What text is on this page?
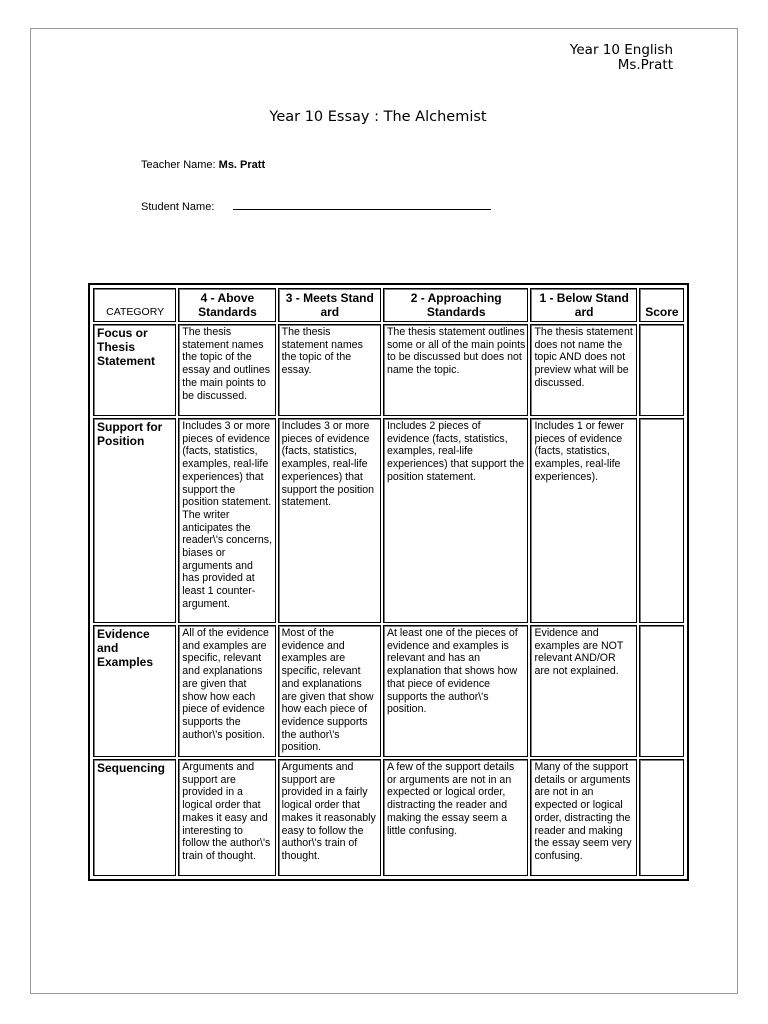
Year 10 English
Ms.Pratt
Year 10 Essay : The Alchemist
Teacher Name: Ms. Pratt
Student Name:
CATEGORY	4 - Above Standards	3 - Meets Stand ard	2 - Approaching Standards	1 - Below Stand ard	Score
Focus or Thesis Statement	The thesis statement names the topic of the essay and outlines the main points to be discussed.	The thesis statement names the topic of the essay.	The thesis statement outlines some or all of the main points to be discussed but does not name the topic.	The thesis statement does not name the topic AND does not preview what will be discussed.	
Support for Position	Includes 3 or more pieces of evidence (facts, statistics, examples, real-life experiences) that support the position statement. The writer anticipates the reader\'s concerns, biases or arguments and has provided at least 1 counter-argument.	Includes 3 or more pieces of evidence (facts, statistics, examples, real-life experiences) that support the position statement.	Includes 2 pieces of evidence (facts, statistics, examples, real-life experiences) that support the position statement.	Includes 1 or fewer pieces of evidence (facts, statistics, examples, real-life experiences).	
Evidence and Examples	All of the evidence and examples are specific, relevant and explanations are given that show how each piece of evidence supports the author\'s position.	Most of the evidence and examples are specific, relevant and explanations are given that show how each piece of evidence supports the author\'s position.	At least one of the pieces of evidence and examples is relevant and has an explanation that shows how that piece of evidence supports the author\'s position.	Evidence and examples are NOT relevant AND/OR are not explained.	
Sequencing	Arguments and support are provided in a logical order that makes it easy and interesting to follow the author\'s train of thought.	Arguments and support are provided in a fairly logical order that makes it reasonably easy to follow the author\'s train of thought.	A few of the support details or arguments are not in an expected or logical order, distracting the reader and making the essay seem a little confusing.	Many of the support details or arguments are not in an expected or logical order, distracting the reader and making the essay seem very confusing.	
